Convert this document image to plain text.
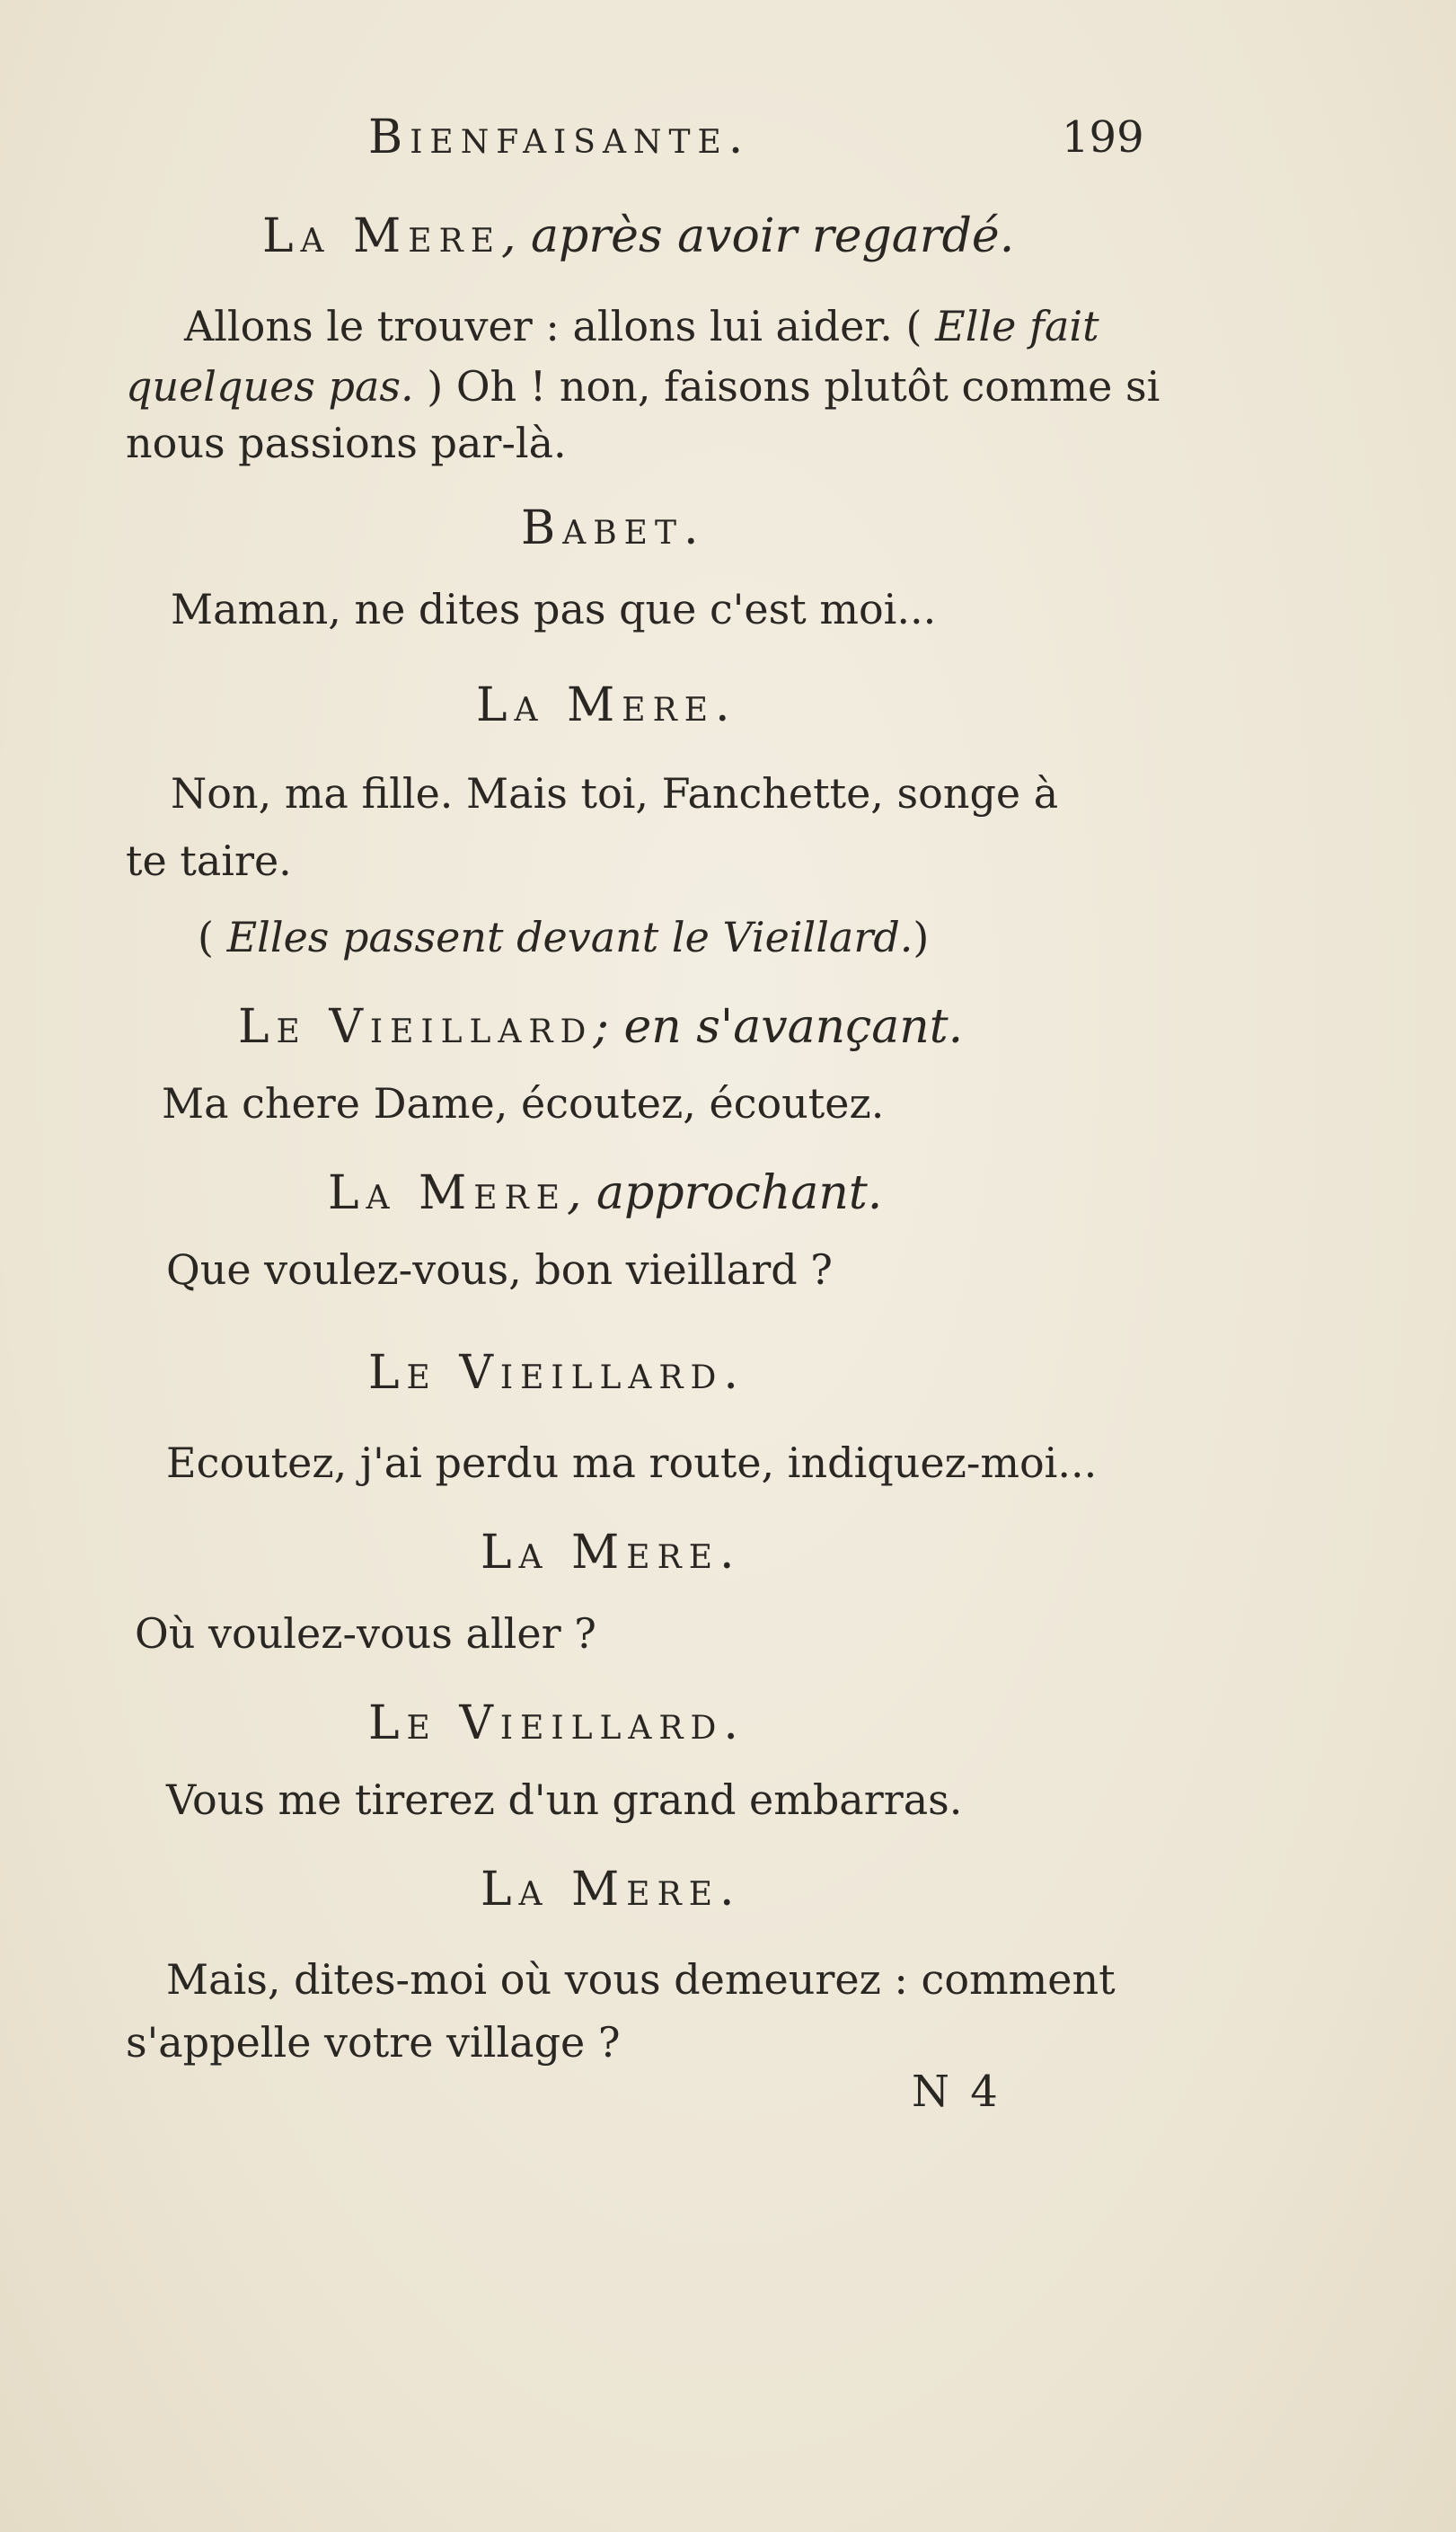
Bienfaisante.	199
La Mere, après avoir regardé.
Allons le trouver : allons lui aider. ( Elle fait
quelques pas. ) Oh ! non, faisons plutôt comme si
nous passions par-là.
Babet.
Maman, ne dites pas que c'est moi...
La Mere.
Non, ma fille. Mais toi, Fanchette, songe à
te taire.
( Elles passent devant le Vieillard.)
Le Vieillard; en s'avançant.
Ma chere Dame, écoutez, écoutez.
La Mere, approchant.
Que voulez-vous, bon vieillard ?
Le Vieillard.
Ecoutez, j'ai perdu ma route, indiquez-moi...
La Mere.
Où voulez-vous aller ?
Le Vieillard.
Vous me tirerez d'un grand embarras.
La Mere.
Mais, dites-moi où vous demeurez : comment
s'appelle votre village ?
N 4
